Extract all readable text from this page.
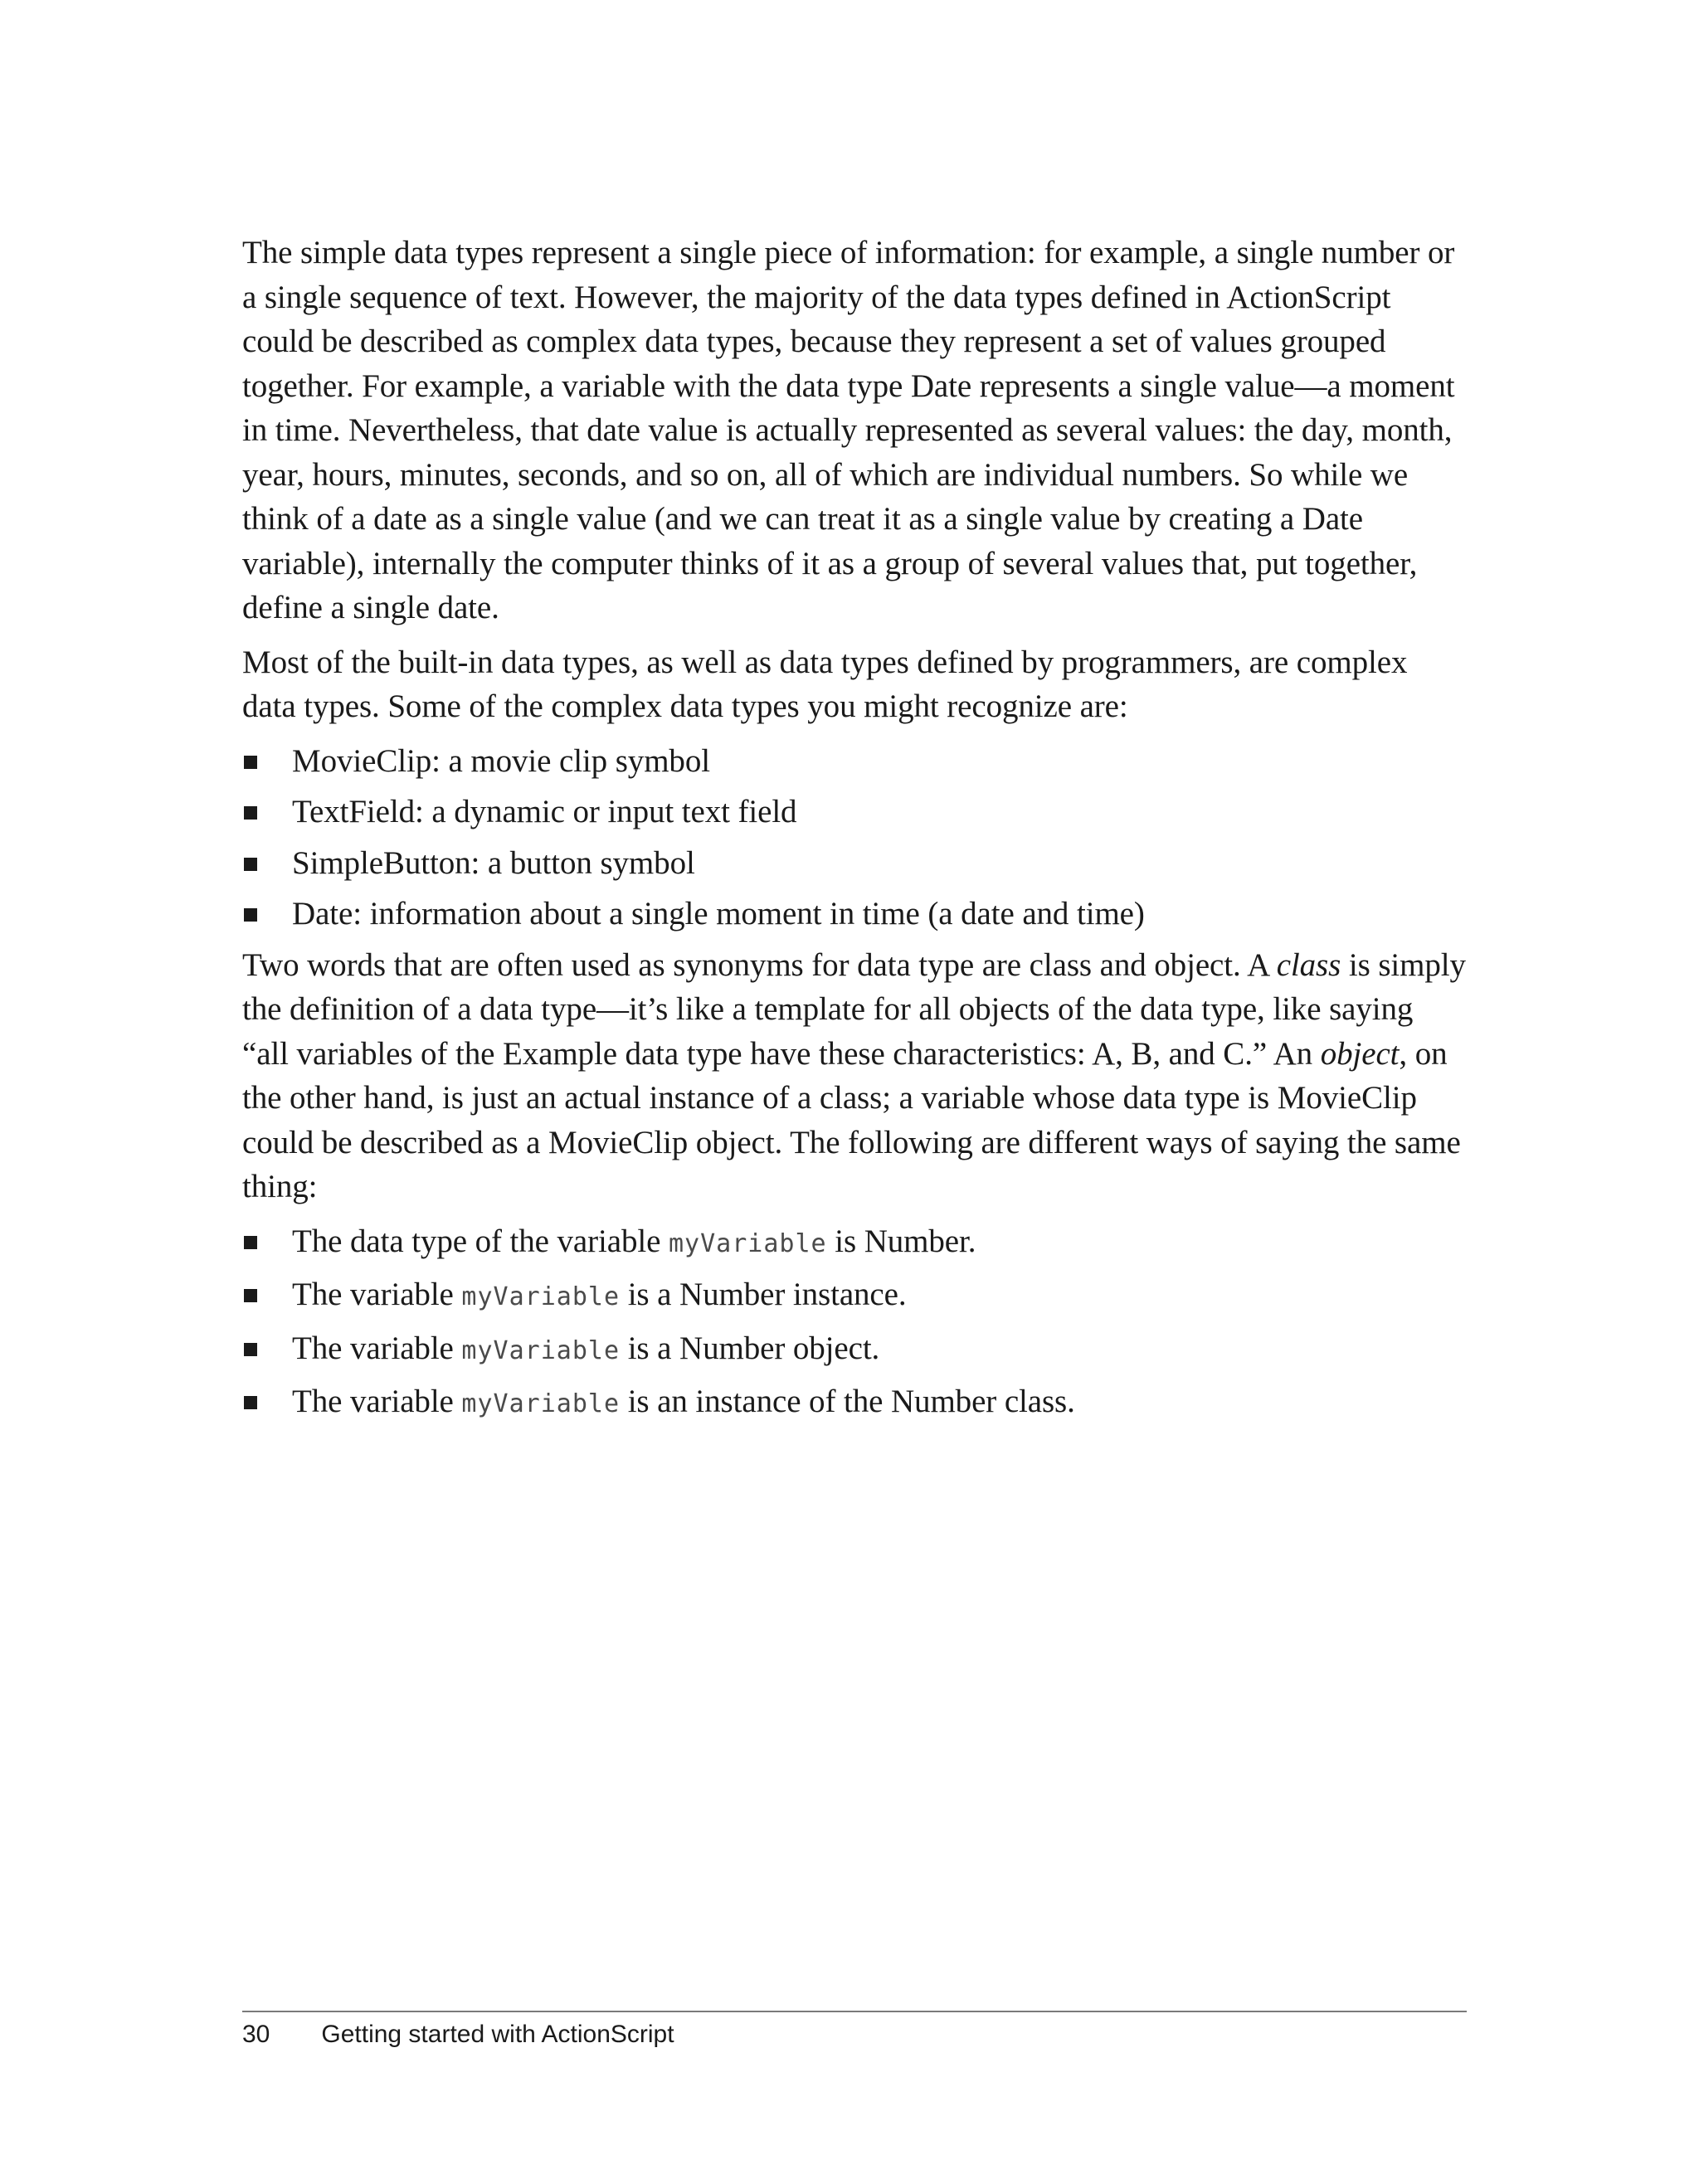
The simple data types represent a single piece of information: for example, a single number or a single sequence of text. However, the majority of the data types defined in ActionScript could be described as complex data types, because they represent a set of values grouped together. For example, a variable with the data type Date represents a single value—a moment in time. Nevertheless, that date value is actually represented as several values: the day, month, year, hours, minutes, seconds, and so on, all of which are individual numbers. So while we think of a date as a single value (and we can treat it as a single value by creating a Date variable), internally the computer thinks of it as a group of several values that, put together, define a single date.

Most of the built-in data types, as well as data types defined by programmers, are complex data types. Some of the complex data types you might recognize are:

MovieClip: a movie clip symbol
TextField: a dynamic or input text field
SimpleButton: a button symbol
Date: information about a single moment in time (a date and time)

Two words that are often used as synonyms for data type are class and object. A class is simply the definition of a data type—it’s like a template for all objects of the data type, like saying “all variables of the Example data type have these characteristics: A, B, and C.” An object, on the other hand, is just an actual instance of a class; a variable whose data type is MovieClip could be described as a MovieClip object. The following are different ways of saying the same thing:

The data type of the variable myVariable is Number.
The variable myVariable is a Number instance.
The variable myVariable is a Number object.
The variable myVariable is an instance of the Number class.
30 Getting started with ActionScript
